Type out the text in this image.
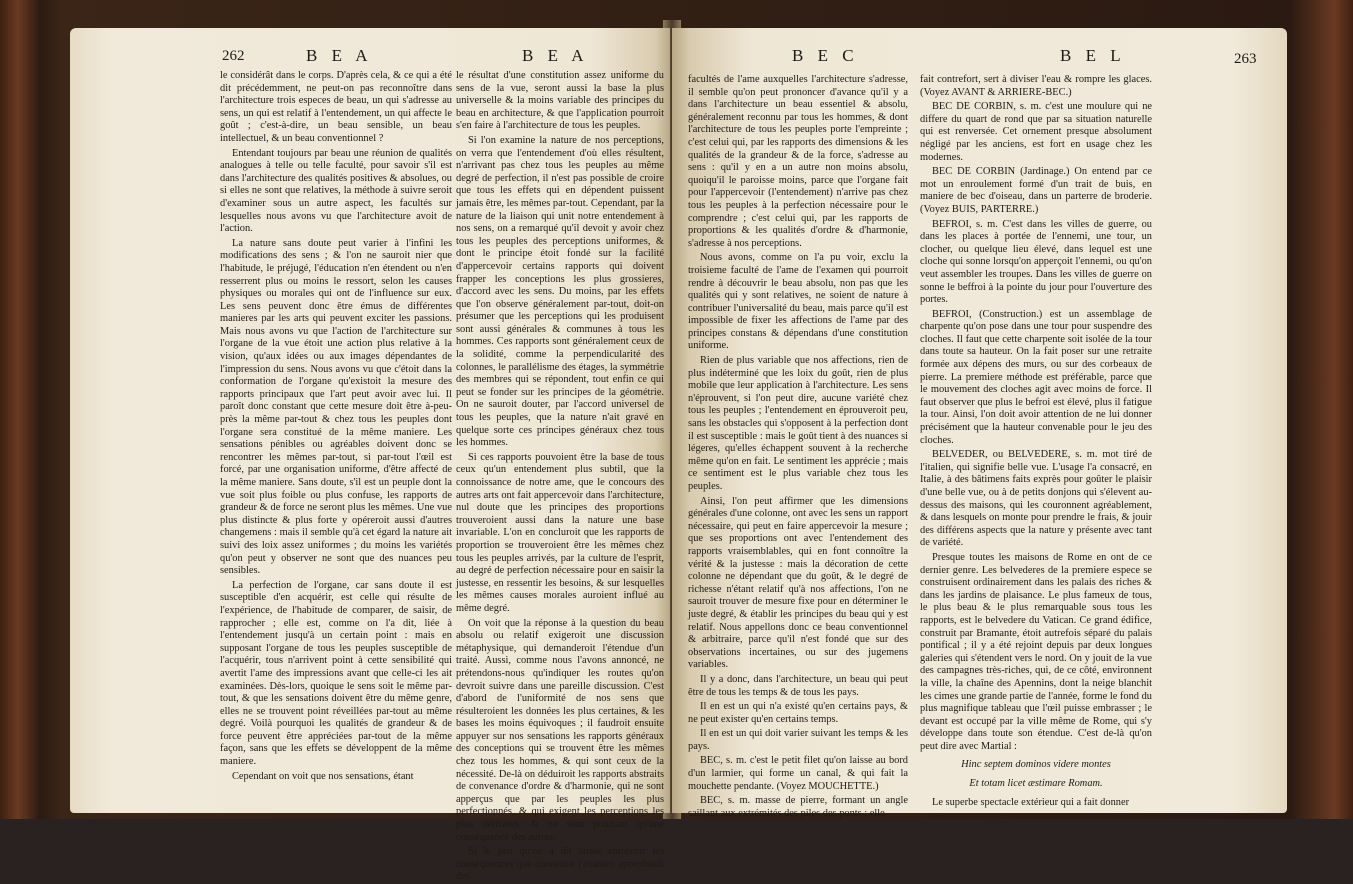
262	B E A	B E A

le considérât dans le corps. D'après cela, & ce qui a été dit précédemment, ne peut-on pas reconnoître dans l'architecture trois especes de beau, un qui s'adresse au sens, un qui est relatif à l'entendement, un qui affecte le goût ; c'est-à-dire, un beau sensible, un beau intellectuel, & un beau conventionnel ?

Entendant toujours par beau une réunion de qualités analogues à telle ou telle faculté, pour savoir s'il est dans l'architecture des qualités positives & absolues, ou si elles ne sont que relatives, la méthode à suivre seroit d'examiner sous un autre aspect, les facultés sur lesquelles nous avons vu que l'architecture avoit de l'action.

La nature sans doute peut varier à l'infini les modifications des sens ; & l'on ne sauroit nier que l'habitude, le préjugé, l'éducation n'en étendent ou n'en resserrent plus ou moins le ressort, selon les causes physiques ou morales qui ont de l'influence sur eux. Les sens peuvent donc être émus de différentes manieres par les arts qui peuvent exciter les passions. Mais nous avons vu que l'action de l'architecture sur l'organe de la vue étoit une action plus relative à la vision, qu'aux idées ou aux images dépendantes de l'impression du sens. Nous avons vu que c'étoit dans la conformation de l'organe qu'existoit la mesure des rapports principaux que l'art peut avoir avec lui. Il paroît donc constant que cette mesure doit être à-peu-près la même par-tout & chez tous les peuples dont l'organe sera constitué de la même maniere. Les sensations pénibles ou agréables doivent donc se rencontrer les mêmes par-tout, si par-tout l'œil est forcé, par une organisation uniforme, d'être affecté de la même maniere. Sans doute, s'il est un peuple dont la vue soit plus foible ou plus confuse, les rapports de grandeur & de force ne seront plus les mêmes. Une vue plus distincte & plus forte y opéreroit aussi d'autres changemens : mais il semble qu'à cet égard la nature ait suivi des loix assez uniformes ; du moins les variétés qu'on peut y observer ne sont que des nuances peu sensibles.

La perfection de l'organe, car sans doute il est susceptible d'en acquérir, est celle qui résulte de l'expérience, de l'habitude de comparer, de saisir, de rapprocher ; elle est, comme on l'a dit, liée à l'entendement jusqu'à un certain point : mais en supposant l'organe de tous les peuples susceptible de l'acquérir, tous n'arrivent point à cette sensibilité qui avertit l'ame des impressions avant que celle-ci les ait examinées. Dès-lors, quoique le sens soit le même par-tout, & que les sensations doivent être du même genre, elles ne se trouvent point réveillées par-tout au même degré. Voilà pourquoi les qualités de grandeur & de force peuvent être appréciées par-tout de la même façon, sans que les effets se développent de la même maniere.

Cependant on voit que nos sensations, étant

le résultat d'une constitution assez uniforme du sens de la vue, seront aussi la base la plus universelle & la moins variable des principes du beau en architecture, & que l'application pourroit s'en faire à l'architecture de tous les peuples.

Si l'on examine la nature de nos perceptions, on verra que l'entendement d'où elles résultent, n'arrivant pas chez tous les peuples au même degré de perfection, il n'est pas possible de croire que tous les effets qui en dépendent puissent jamais être, les mêmes par-tout. Cependant, par la nature de la liaison qui unit notre entendement à nos sens, on a remarqué qu'il devoit y avoir chez tous les peuples des perceptions uniformes, & dont le principe étoit fondé sur la facilité d'appercevoir certains rapports qui doivent frapper les conceptions les plus grossieres, d'accord avec les sens. Du moins, par les effets que l'on observe généralement par-tout, doit-on présumer que les perceptions qui les produisent sont aussi générales & communes à tous les hommes. Ces rapports sont généralement ceux de la solidité, comme la perpendicularité des colonnes, le parallélisme des étages, la symmétrie des membres qui se répondent, tout enfin ce qui peut se fonder sur les principes de la géométrie. On ne sauroit douter, par l'accord universel de tous les peuples, que la nature n'ait gravé en quelque sorte ces principes généraux chez tous les hommes.

Si ces rapports pouvoient être la base de tous ceux qu'un entendement plus subtil, que la connoissance de notre ame, que le concours des autres arts ont fait appercevoir dans l'architecture, nul doute que les principes des proportions trouveroient aussi dans la nature une base invariable. L'on en concluroit que les rapports de proportion se trouveroient être les mêmes chez tous les peuples arrivés, par la culture de l'esprit, au degré de perfection nécessaire pour en saisir la justesse, en ressentir les besoins, & sur lesquelles les mêmes causes morales auroient influé au même degré.

On voit que la réponse à la question du beau absolu ou relatif exigeroit une discussion métaphysique, qui demanderoit l'étendue d'un traité. Aussi, comme nous l'avons annoncé, ne prétendons-nous qu'indiquer les routes qu'on devroit suivre dans une pareille discussion. C'est d'abord de l'uniformité de nos sens que résulteroient les données les plus certaines, & les bases les moins équivoques ; il faudroit ensuite appuyer sur nos sensations les rapports généraux des conceptions qui se trouvent être les mêmes chez tous les hommes, & qui sont ceux de la nécessité. De-là on déduiroit les rapports abstraits de convenance d'ordre & d'harmonie, qui ne sont apperçus que par les peuples les plus perfectionnés, & qui exigent les perceptions les plus délicates, & ne sont pourtant qu'une conséquence des autres.

Si le peu qu'on a dit laisse entrevoir les conséquences que donneroit l'examen approfondi des

B E C	B E L	263

facultés de l'ame auxquelles l'architecture s'adresse, il semble qu'on peut prononcer d'avance qu'il y a dans l'architecture un beau essentiel & absolu, généralement reconnu par tous les hommes, & dont l'architecture de tous les peuples porte l'empreinte ; c'est celui qui, par les rapports des dimensions & les qualités de la grandeur & de la force, s'adresse au sens : qu'il y en a un autre non moins absolu, quoiqu'il le paroisse moins, parce que l'organe fait pour l'appercevoir (l'entendement) n'arrive pas chez tous les peuples à la perfection nécessaire pour le comprendre ; c'est celui qui, par les rapports de proportions & les qualités d'ordre & d'harmonie, s'adresse à nos perceptions.

Nous avons, comme on l'a pu voir, exclu la troisieme faculté de l'ame de l'examen qui pourroit rendre à découvrir le beau absolu, non pas que les qualités qui y sont relatives, ne soient de nature à contribuer l'universalité du beau, mais parce qu'il est impossible de fixer les affections de l'ame par des principes constans & dépendans d'une constitution uniforme.

Rien de plus variable que nos affections, rien de plus indéterminé que les loix du goût, rien de plus mobile que leur application à l'architecture. Les sens n'éprouvent, si l'on peut dire, aucune variété chez tous les peuples ; l'entendement en éprouveroit peu, sans les obstacles qui s'opposent à la perfection dont il est susceptible : mais le goût tient à des nuances si légeres, qu'elles échappent souvent à la recherche même qu'on en fait. Le sentiment les apprécie ; mais ce sentiment est le plus variable chez tous les peuples.

Ainsi, l'on peut affirmer que les dimensions générales d'une colonne, ont avec les sens un rapport nécessaire, qui peut en faire appercevoir la mesure ; que ses proportions ont avec l'entendement des rapports vraisemblables, qui en font connoître la vérité & la justesse : mais la décoration de cette colonne ne dépendant que du goût, & le degré de richesse n'étant relatif qu'à nos affections, l'on ne sauroit trouver de mesure fixe pour en déterminer le juste degré, & établir les principes du beau qui y est relatif. Nous appellons donc ce beau conventionnel & arbitraire, parce qu'il n'est fondé que sur des observations incertaines, ou sur des jugemens variables.

Il y a donc, dans l'architecture, un beau qui peut être de tous les temps & de tous les pays.

Il en est un qui n'a existé qu'en certains pays, & ne peut exister qu'en certains temps.

Il en est un qui doit varier suivant les temps & les pays.

BEC, s. m. c'est le petit filet qu'on laisse au bord d'un larmier, qui forme un canal, & qui fait la mouchette pendante. (Voyez MOUCHETTE.)

BEC, s. m. masse de pierre, formant un angle saillant aux extrémités des piles des ponts : elle

fait contrefort, sert à diviser l'eau & rompre les glaces. (Voyez AVANT & ARRIERE-BEC.)

BEC DE CORBIN, s. m. c'est une moulure qui ne differe du quart de rond que par sa situation naturelle qui est renversée. Cet ornement presque absolument négligé par les anciens, est fort en usage chez les modernes.

BEC DE CORBIN (Jardinage.) On entend par ce mot un enroulement formé d'un trait de buis, en maniere de bec d'oiseau, dans un parterre de broderie. (Voyez BUIS, PARTERRE.)

BEFROI, s. m. C'est dans les villes de guerre, ou dans les places à portée de l'ennemi, une tour, un clocher, ou quelque lieu élevé, dans lequel est une cloche qui sonne lorsqu'on apperçoit l'ennemi, ou qu'on veut assembler les troupes. Dans les villes de guerre on sonne le beffroi à la pointe du jour pour l'ouverture des portes.

BEFROI, (Construction.) est un assemblage de charpente qu'on pose dans une tour pour suspendre des cloches. Il faut que cette charpente soit isolée de la tour dans toute sa hauteur. On la fait poser sur une retraite formée aux dépens des murs, ou sur des corbeaux de pierre. La premiere méthode est préférable, parce que le mouvement des cloches agit avec moins de force. Il faut observer que plus le befroi est élevé, plus il fatigue la tour. Ainsi, l'on doit avoir attention de ne lui donner précisément que la hauteur convenable pour le jeu des cloches.

BELVEDER, ou BELVEDERE, s. m. mot tiré de l'italien, qui signifie belle vue. L'usage l'a consacré, en Italie, à des bâtimens faits exprès pour goûter le plaisir d'une belle vue, ou à de petits donjons qui s'élevent au-dessus des maisons, qui les couronnent agréablement, & dans lesquels on monte pour prendre le frais, & jouir des différens aspects que la nature y présente avec tant de variété.

Presque toutes les maisons de Rome en ont de ce dernier genre. Les belvederes de la premiere espece se construisent ordinairement dans les palais des riches & dans les jardins de plaisance. Le plus fameux de tous, le plus beau & le plus remarquable sous tous les rapports, est le belvedere du Vatican. Ce grand édifice, construit par Bramante, étoit autrefois séparé du palais pontifical ; il y a été rejoint depuis par deux longues galeries qui s'étendent vers le nord. On y jouit de la vue des campagnes très-riches, qui, de ce côté, environnent la ville, la chaîne des Apennins, dont la neige blanchit les cimes une grande partie de l'année, forme le fond du plus magnifique tableau que l'œil puisse embrasser ; le devant est occupé par la ville même de Rome, qui s'y développe dans toute son étendue. C'est de-là qu'on peut dire avec Martial :

Hinc septem dominos videre montes

Et totam licet æstimare Romam.

Le superbe spectacle extérieur qui a fait donner
